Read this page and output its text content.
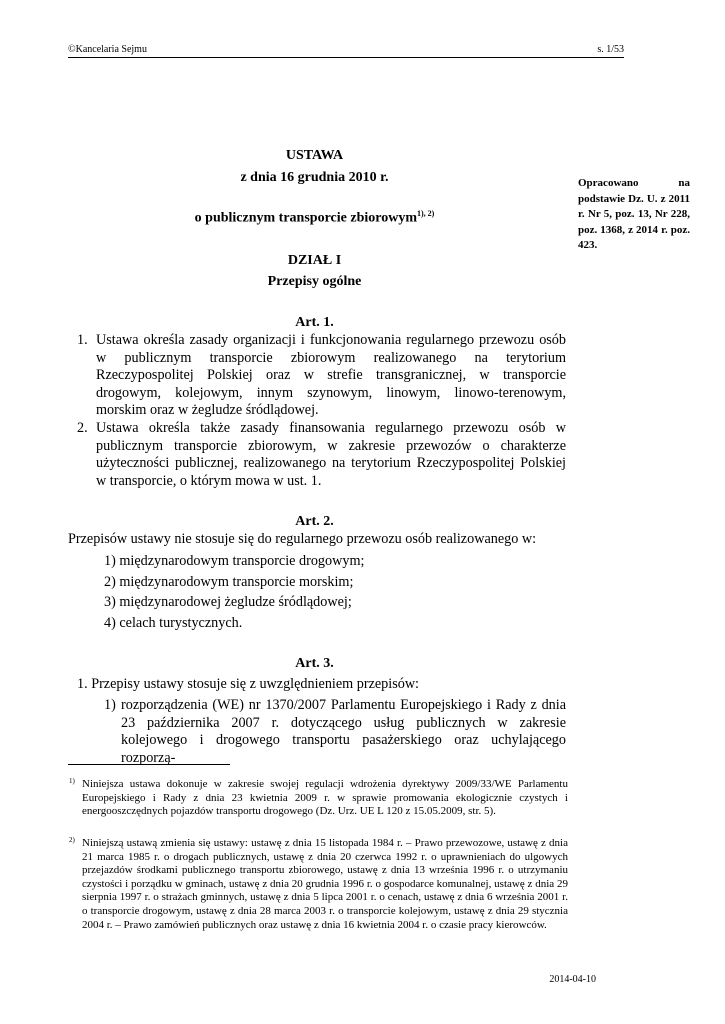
©Kancelaria Sejmu	s. 1/53
USTAWA
z dnia 16 grudnia 2010 r.
o publicznym transporcie zbiorowym$^{1), 2)}$
Opracowano na podstawie Dz. U. z 2011 r. Nr 5, poz. 13, Nr 228, poz. 1368, z 2014 r. poz. 423.
DZIAŁ I
Przepisy ogólne
Art. 1.
1. Ustawa określa zasady organizacji i funkcjonowania regularnego przewozu osób w publicznym transporcie zbiorowym realizowanego na terytorium Rzeczypospolitej Polskiej oraz w strefie transgranicznej, w transporcie drogowym, kolejowym, innym szynowym, linowym, linowo-terenowym, morskim oraz w żegludze śródlądowej.
2. Ustawa określa także zasady finansowania regularnego przewozu osób w publicznym transporcie zbiorowym, w zakresie przewozów o charakterze użyteczności publicznej, realizowanego na terytorium Rzeczypospolitej Polskiej w transporcie, o którym mowa w ust. 1.
Art. 2.
Przepisów ustawy nie stosuje się do regularnego przewozu osób realizowanego w:
1) międzynarodowym transporcie drogowym;
2) międzynarodowym transporcie morskim;
3) międzynarodowej żegludze śródlądowej;
4) celach turystycznych.
Art. 3.
1. Przepisy ustawy stosuje się z uwzględnieniem przepisów:
1) rozporządzenia (WE) nr 1370/2007 Parlamentu Europejskiego i Rady z dnia 23 października 2007 r. dotyczącego usług publicznych w zakresie kolejowego i drogowego transportu pasażerskiego oraz uchylającego rozporzą-
1) Niniejsza ustawa dokonuje w zakresie swojej regulacji wdrożenia dyrektywy 2009/33/WE Parlamentu Europejskiego i Rady z dnia 23 kwietnia 2009 r. w sprawie promowania ekologicznie czystych i energooszczędnych pojazdów transportu drogowego (Dz. Urz. UE L 120 z 15.05.2009, str. 5).
2) Niniejszą ustawą zmienia się ustawy: ustawę z dnia 15 listopada 1984 r. – Prawo przewozowe, ustawę z dnia 21 marca 1985 r. o drogach publicznych, ustawę z dnia 20 czerwca 1992 r. o uprawnieniach do ulgowych przejazdów środkami publicznego transportu zbiorowego, ustawę z dnia 13 września 1996 r. o utrzymaniu czystości i porządku w gminach, ustawę z dnia 20 grudnia 1996 r. o gospodarce komunalnej, ustawę z dnia 29 sierpnia 1997 r. o strażach gminnych, ustawę z dnia 5 lipca 2001 r. o cenach, ustawę z dnia 6 września 2001 r. o transporcie drogowym, ustawę z dnia 28 marca 2003 r. o transporcie kolejowym, ustawę z dnia 29 stycznia 2004 r. – Prawo zamówień publicznych oraz ustawę z dnia 16 kwietnia 2004 r. o czasie pracy kierowców.
2014-04-10
